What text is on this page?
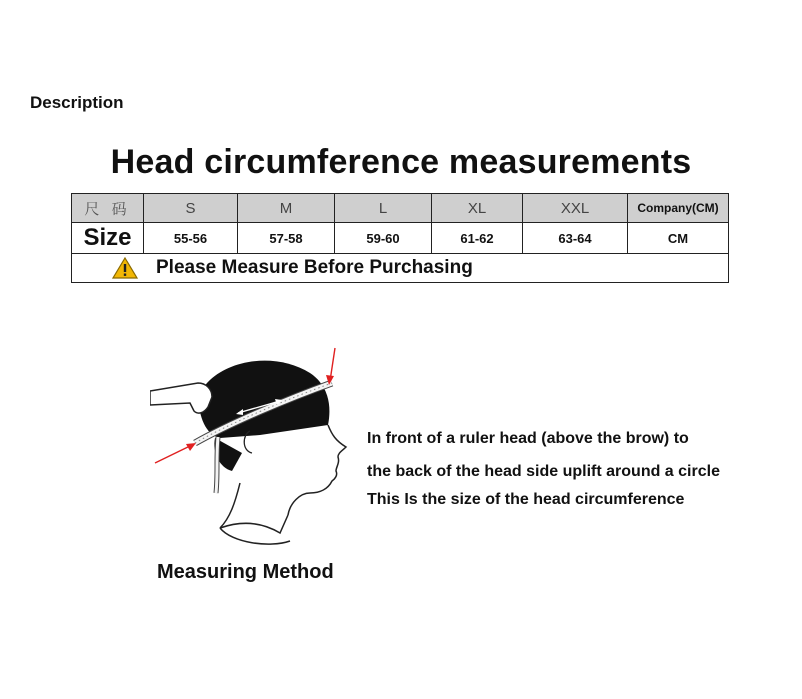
Description
Head circumference measurements
尺 码	S	M	L	XL	XXL	Company(CM)
Size	55-56	57-58	59-60	61-62	63-64	CM

Please Measure Before Purchasing						
Measuring Method
In front of a ruler head (above the brow) to
the back of the head side uplift around a circle
This Is the size of the head circumference
